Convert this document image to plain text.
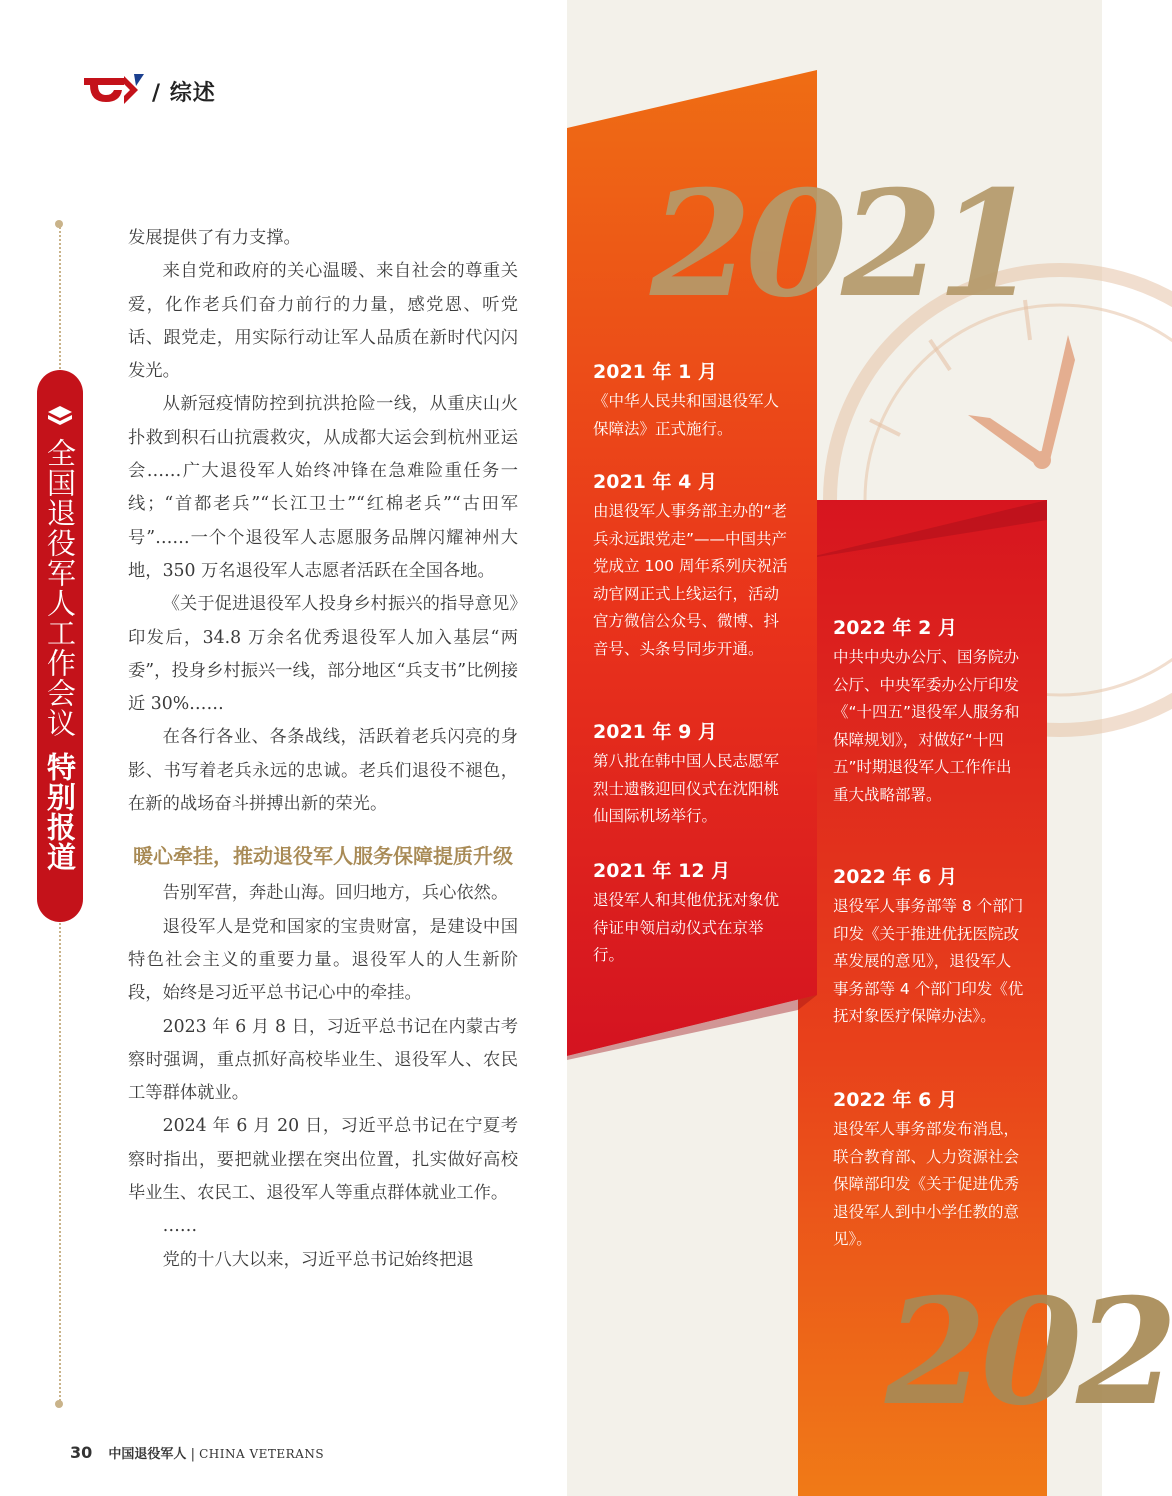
2021
202
2021 年 1 月
《中华人民共和国退役军人保障法》正式施行。
2021 年 4 月
由退役军人事务部主办的“老兵永远跟党走”——中国共产党成立 100 周年系列庆祝活动官网正式上线运行，活动官方微信公众号、微博、抖音号、头条号同步开通。
2021 年 9 月
第八批在韩中国人民志愿军烈士遗骸迎回仪式在沈阳桃仙国际机场举行。
2021 年 12 月
退役军人和其他优抚对象优待证申领启动仪式在京举行。
2022 年 2 月
中共中央办公厅、国务院办公厅、中央军委办公厅印发《“十四五”退役军人服务和保障规划》，对做好“十四五”时期退役军人工作作出重大战略部署。
2022 年 6 月
退役军人事务部等 8 个部门印发《关于推进优抚医院改革发展的意见》，退役军人事务部等 4 个部门印发《优抚对象医疗保障办法》。
2022 年 6 月
退役军人事务部发布消息，联合教育部、人力资源社会保障部印发《关于促进优秀退役军人到中小学任教的意见》。
/ 综述
全国退役军人工作会议
特别报道

发展提供了有力支撑。

来自党和政府的关心温暖、来自社会的尊重关爱，化作老兵们奋力前行的力量，感党恩、听党话、跟党走，用实际行动让军人品质在新时代闪闪发光。

从新冠疫情防控到抗洪抢险一线，从重庆山火扑救到积石山抗震救灾，从成都大运会到杭州亚运会……广大退役军人始终冲锋在急难险重任务一线；“首都老兵”“长江卫士”“红棉老兵”“古田军号”……一个个退役军人志愿服务品牌闪耀神州大地，350 万名退役军人志愿者活跃在全国各地。

《关于促进退役军人投身乡村振兴的指导意见》印发后，34.8 万余名优秀退役军人加入基层“两委”，投身乡村振兴一线，部分地区“兵支书”比例接近 30%……

在各行各业、各条战线，活跃着老兵闪亮的身影、书写着老兵永远的忠诚。老兵们退役不褪色，在新的战场奋斗拼搏出新的荣光。

暖心牵挂，推动退役军人服务保障提质升级

告别军营，奔赴山海。回归地方，兵心依然。

退役军人是党和国家的宝贵财富，是建设中国特色社会主义的重要力量。退役军人的人生新阶段，始终是习近平总书记心中的牵挂。

2023 年 6 月 8 日，习近平总书记在内蒙古考察时强调，重点抓好高校毕业生、退役军人、农民工等群体就业。

2024 年 6 月 20 日，习近平总书记在宁夏考察时指出，要把就业摆在突出位置，扎实做好高校毕业生、农民工、退役军人等重点群体就业工作。

……

党的十八大以来，习近平总书记始终把退

30 中国退役军人 | CHINA VETERANS
